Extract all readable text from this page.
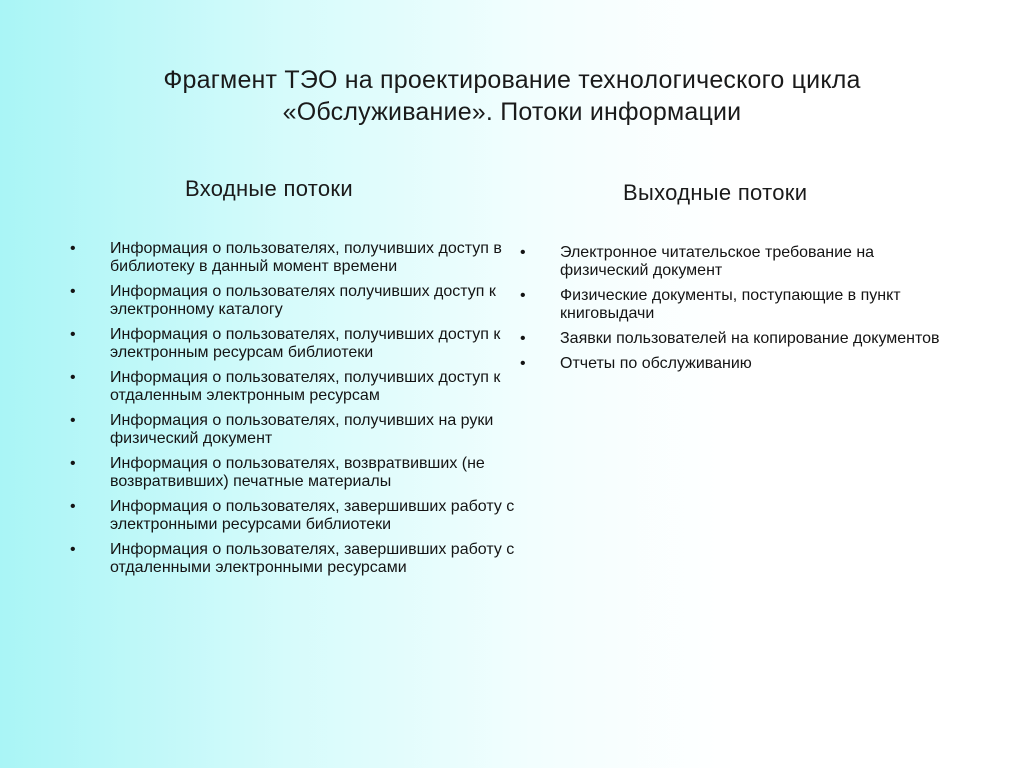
Фрагмент ТЭО на проектирование технологического цикла
«Обслуживание». Потоки информации
Входные потоки	Выходные потоки
•	Информация о пользователях, получивших доступ в библиотеку в данный момент времени
•	Информация о пользователях получивших доступ к электронному каталогу
•	Информация о пользователях, получивших доступ к электронным ресурсам библиотеки
•	Информация о пользователях, получивших доступ к отдаленным электронным ресурсам
•	Информация о пользователях, получивших на руки физический документ
•	Информация о пользователях, возвратвивших (не возвратвивших) печатные материалы
•	Информация о пользователях, завершивших работу с электронными ресурсами библиотеки
•	Информация о пользователях, завершивших работу с отдаленными электронными ресурсами
•	Электронное читательское требование на физический документ
•	Физические документы, поступающие в пункт книговыдачи
•	Заявки пользователей на копирование документов
•	Отчеты по обслуживанию
